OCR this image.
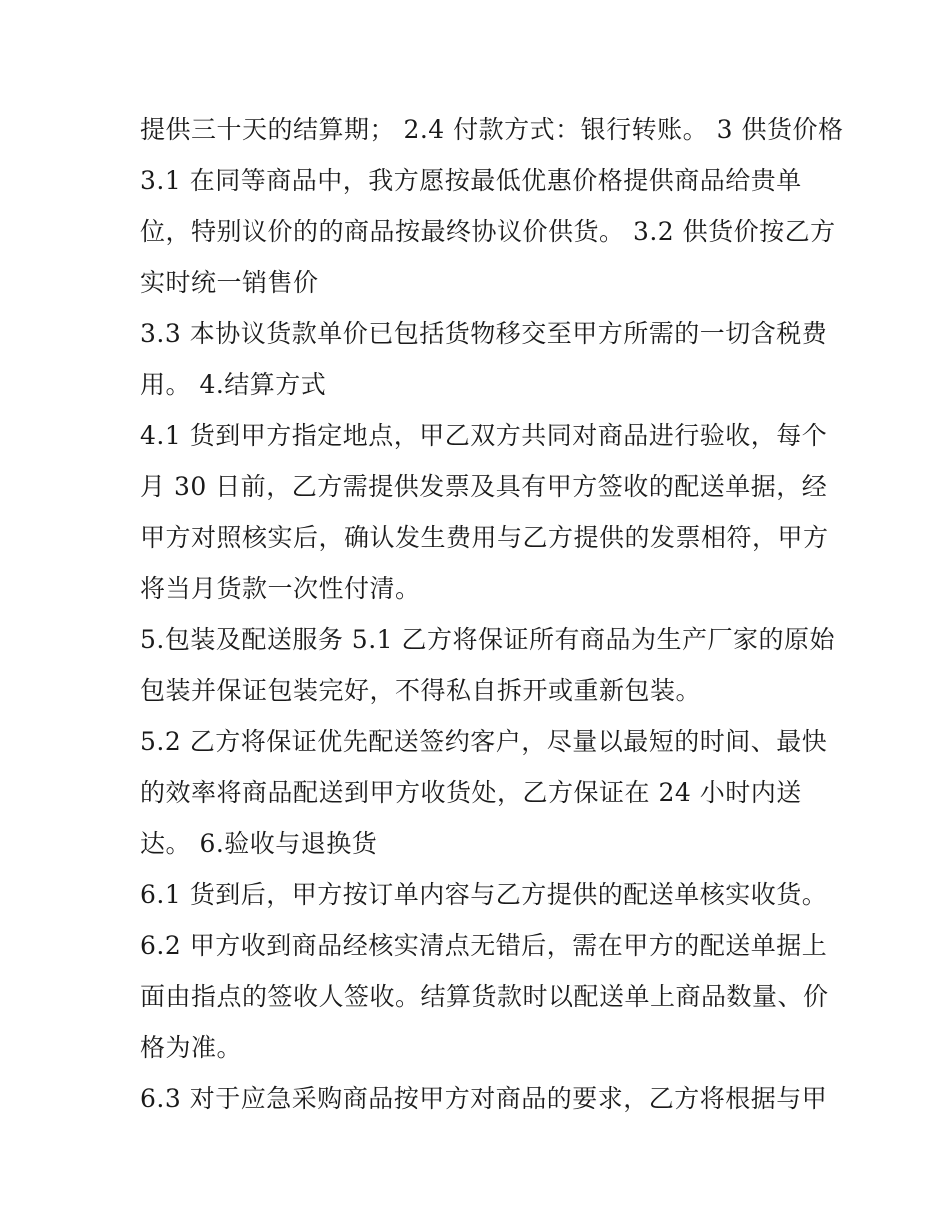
提供三十天的结算期； 2.4 付款方式：银行转账。 3 供货价格
3.1 在同等商品中，我方愿按最低优惠价格提供商品给贵单
位，特别议价的的商品按最终协议价供货。 3.2 供货价按乙方
实时统一销售价
3.3 本协议货款单价已包括货物移交至甲方所需的一切含税费
用。 4.结算方式
4.1 货到甲方指定地点，甲乙双方共同对商品进行验收，每个
月 30 日前，乙方需提供发票及具有甲方签收的配送单据，经
甲方对照核实后，确认发生费用与乙方提供的发票相符，甲方
将当月货款一次性付清。
5.包装及配送服务 5.1 乙方将保证所有商品为生产厂家的原始
包装并保证包装完好，不得私自拆开或重新包装。
5.2 乙方将保证优先配送签约客户，尽量以最短的时间、最快
的效率将商品配送到甲方收货处，乙方保证在 24 小时内送
达。 6.验收与退换货
6.1 货到后，甲方按订单内容与乙方提供的配送单核实收货。
6.2 甲方收到商品经核实清点无错后，需在甲方的配送单据上
面由指点的签收人签收。结算货款时以配送单上商品数量、价
格为准。
6.3 对于应急采购商品按甲方对商品的要求，乙方将根据与甲
